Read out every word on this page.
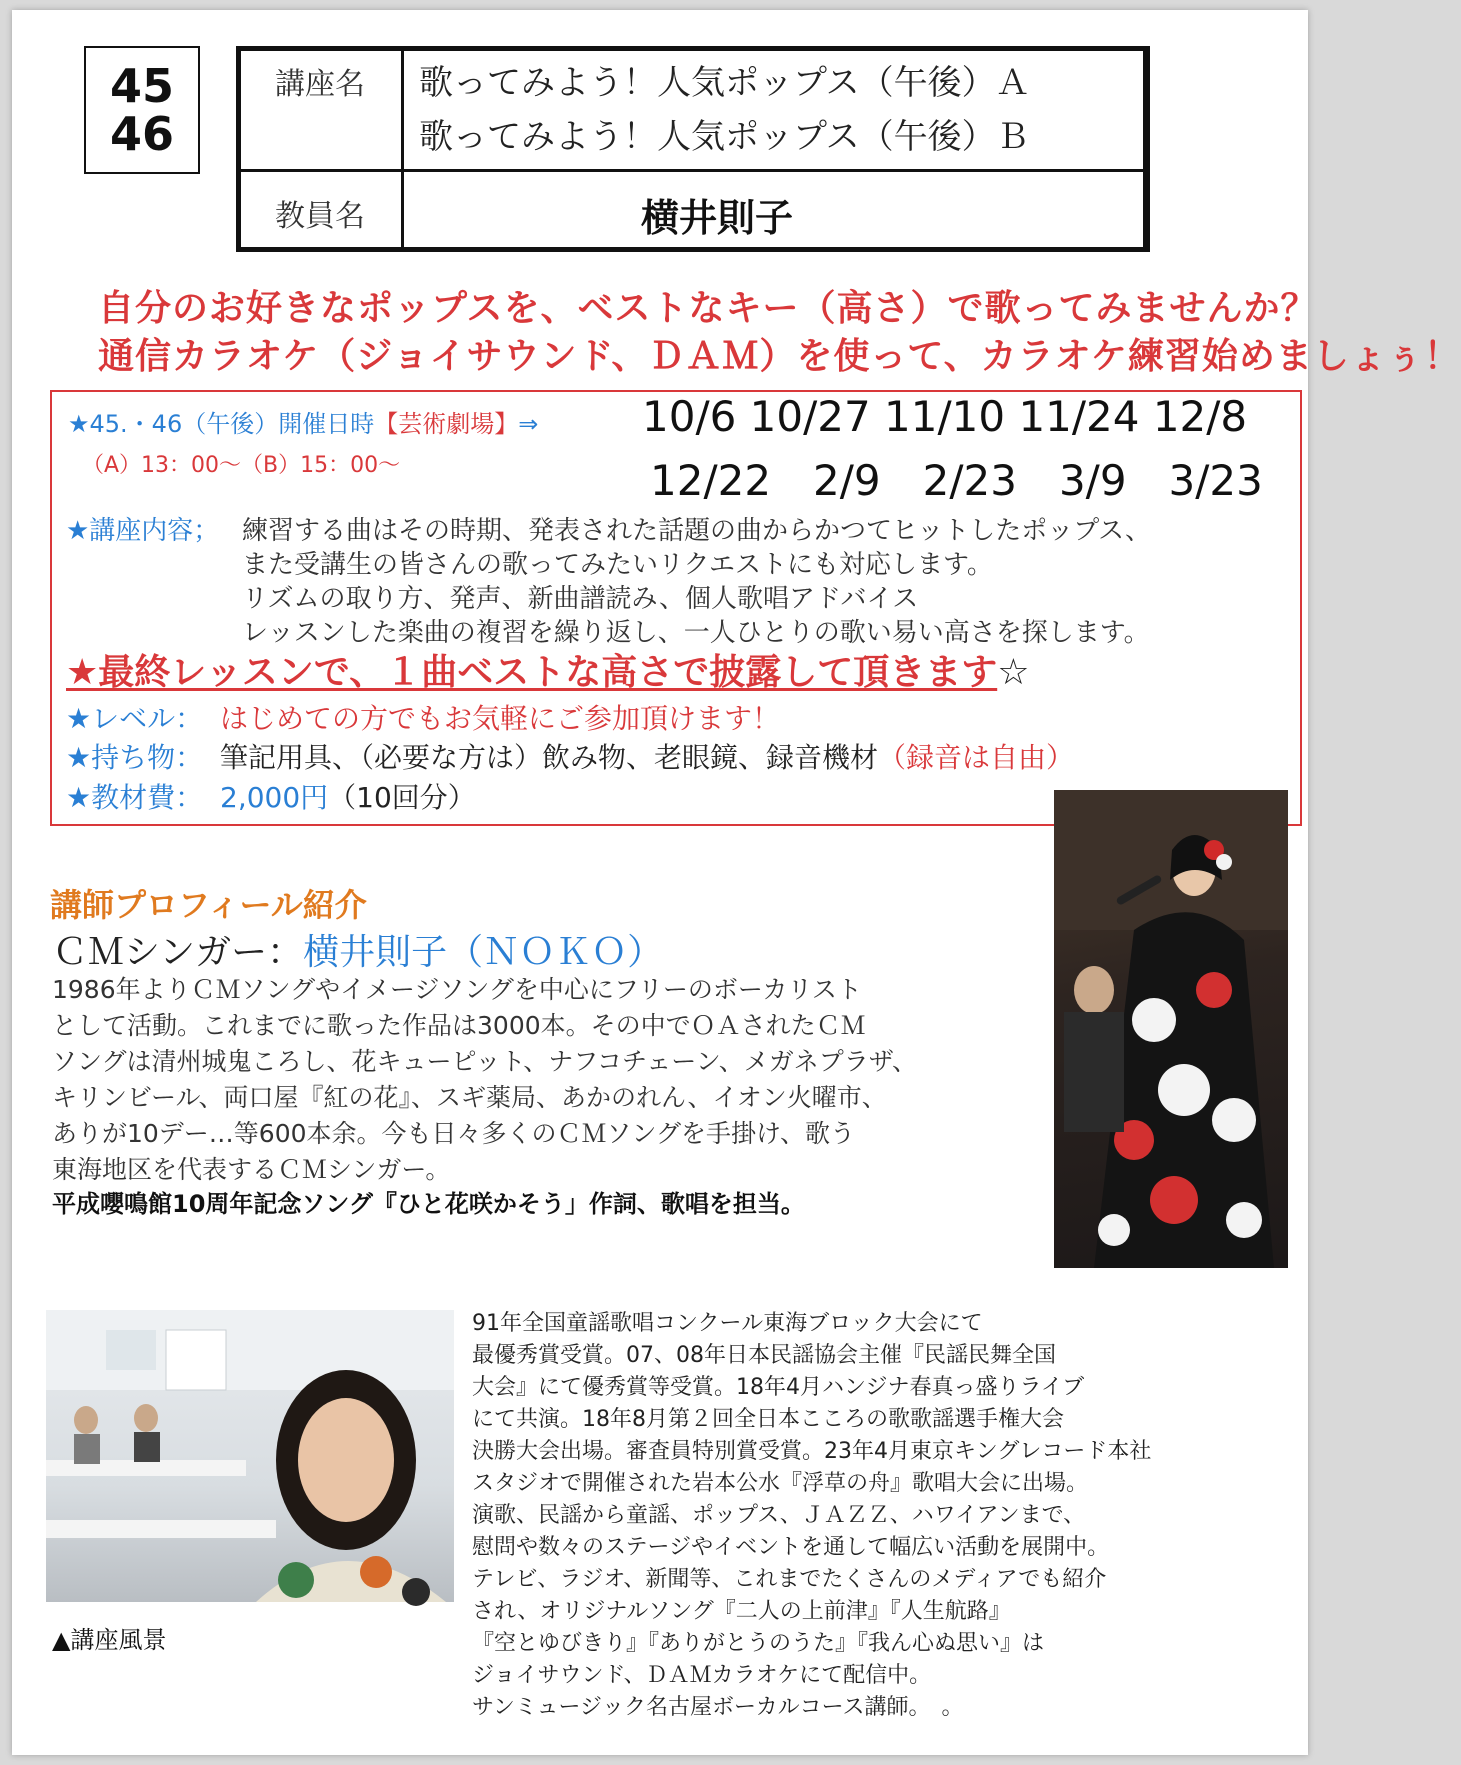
45
46
講座名 歌ってみよう！人気ポップス（午後）Ａ
歌ってみよう！人気ポップス（午後）Ｂ
教員名	横井則子
自分のお好きなポップスを、ベストなキー（高さ）で歌ってみませんか？
通信カラオケ（ジョイサウンド、ＤＡＭ）を使って、カラオケ練習始めましょぅ！
★45.・46（午後）開催日時【芸術劇場】⇒
（A）13：00～（B）15：00～
10/6 10/27 11/10 11/24 12/8
12/22　2/9　2/23　3/9　3/23
★講座内容； 練習する曲はその時期、発表された話題の曲からかつてヒットしたポップス、
また受講生の皆さんの歌ってみたいリクエストにも対応します。
リズムの取り方、発声、新曲譜読み、個人歌唱アドバイス
レッスンした楽曲の複習を繰り返し、一人ひとりの歌い易い高さを探します。
★最終レッスンで、１曲ベストな高さで披露して頂きます☆
★レベル： はじめての方でもお気軽にご参加頂けます！
★持ち物： 筆記用具、（必要な方は）飲み物、老眼鏡、録音機材（録音は自由）
★教材費： 2,000円（10回分）
講師プロフィール紹介
ＣＭシンガー：横井則子（ＮＯＫＯ）
1986年よりＣＭソングやイメージソングを中心にフリーのボーカリスト
として活動。これまでに歌った作品は3000本。その中でＯＡされたＣＭ
ソングは清州城鬼ころし、花キューピット、ナフコチェーン、メガネプラザ、
キリンビール、両口屋『紅の花』、スギ薬局、あかのれん、イオン火曜市、
ありが10デー…等600本余。今も日々多くのＣＭソングを手掛け、歌う
東海地区を代表するＣＭシンガー。
平成嚶鳴館10周年記念ソング『ひと花咲かそう」作詞、歌唱を担当。
▲講座風景
91年全国童謡歌唱コンクール東海ブロック大会にて
最優秀賞受賞。07、08年日本民謡協会主催『民謡民舞全国
大会』にて優秀賞等受賞。18年4月ハンジナ春真っ盛りライブ
にて共演。18年8月第２回全日本こころの歌歌謡選手権大会
決勝大会出場。審査員特別賞受賞。23年4月東京キングレコード本社
スタジオで開催された岩本公水『浮草の舟』歌唱大会に出場。
演歌、民謡から童謡、ポップス、ＪＡＺＺ、ハワイアンまで、
慰問や数々のステージやイベントを通して幅広い活動を展開中。
テレビ、ラジオ、新聞等、これまでたくさんのメディアでも紹介
され、オリジナルソング『二人の上前津』『人生航路』
『空とゆびきり』『ありがとうのうた』『我ん心ぬ思い』は
ジョイサウンド、ＤＡＭカラオケにて配信中。
サンミュージック名古屋ボーカルコース講師。　。
